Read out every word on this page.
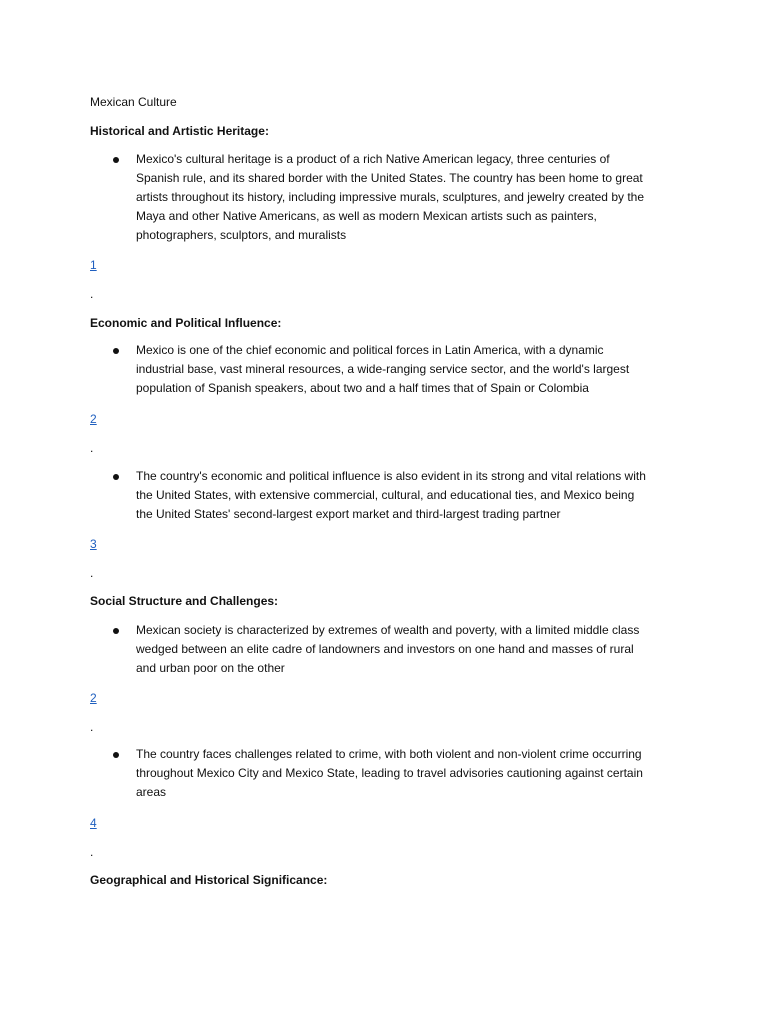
Mexican Culture

Historical and Artistic Heritage:

Mexico's cultural heritage is a product of a rich Native American legacy, three centuries of
Spanish rule, and its shared border with the United States. The country has been home to great
artists throughout its history, including impressive murals, sculptures, and jewelry created by the
Maya and other Native Americans, as well as modern Mexican artists such as painters,
photographers, sculptors, and muralists
1

.

Economic and Political Influence:

Mexico is one of the chief economic and political forces in Latin America, with a dynamic
industrial base, vast mineral resources, a wide-ranging service sector, and the world's largest
population of Spanish speakers, about two and a half times that of Spain or Colombia
2

.

The country's economic and political influence is also evident in its strong and vital relations with
the United States, with extensive commercial, cultural, and educational ties, and Mexico being
the United States' second-largest export market and third-largest trading partner
3

.

Social Structure and Challenges:

Mexican society is characterized by extremes of wealth and poverty, with a limited middle class
wedged between an elite cadre of landowners and investors on one hand and masses of rural
and urban poor on the other
2

.

The country faces challenges related to crime, with both violent and non-violent crime occurring
throughout Mexico City and Mexico State, leading to travel advisories cautioning against certain
areas
4

.

Geographical and Historical Significance:
